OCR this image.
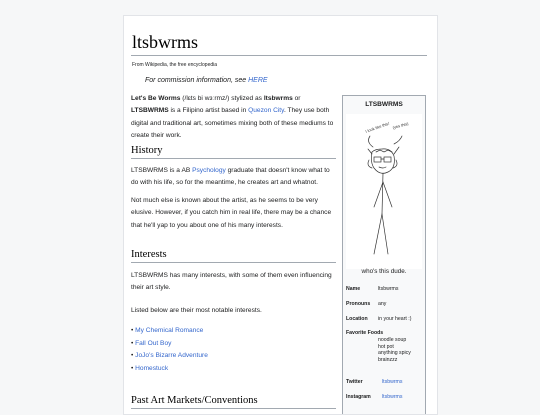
ltsbwrms
From Wikipedia, the free encyclopedia
For commission information, see HERE
Let's Be Worms (/lɛts bi wɜːrmz/) stylized as ltsbwrms or LTSBWRMS is a Filipino artist based in Quezon City. They use both digital and traditional art, sometimes mixing both of these mediums to create their work.
History
LTSBWRMS is a AB Psychology graduate that doesn't know what to do with his life, so for the meantime, he creates art and whatnot.
Not much else is known about the artist, as he seems to be very elusive. However, if you catch him in real life, there may be a chance that he'll yap to you about one of his many interests.
Interests
LTSBWRMS has many interests, with some of them even influencing their art style.
Listed below are their most notable interests.
• My Chemical Romance
• Fall Out Boy
• JoJo's Bizarre Adventure
• Homestuck
Past Art Markets/Conventions
LTSBWRMS
I look like this! (yes this)
who's this dude.
Name	ltsbwrms
Pronouns any
Location in your heart :)
Favorite Foods
noodle soup
hot pot
anything spicy
brainzzz
Twitter	ltsbwrms
Instagram ltsbwrms
